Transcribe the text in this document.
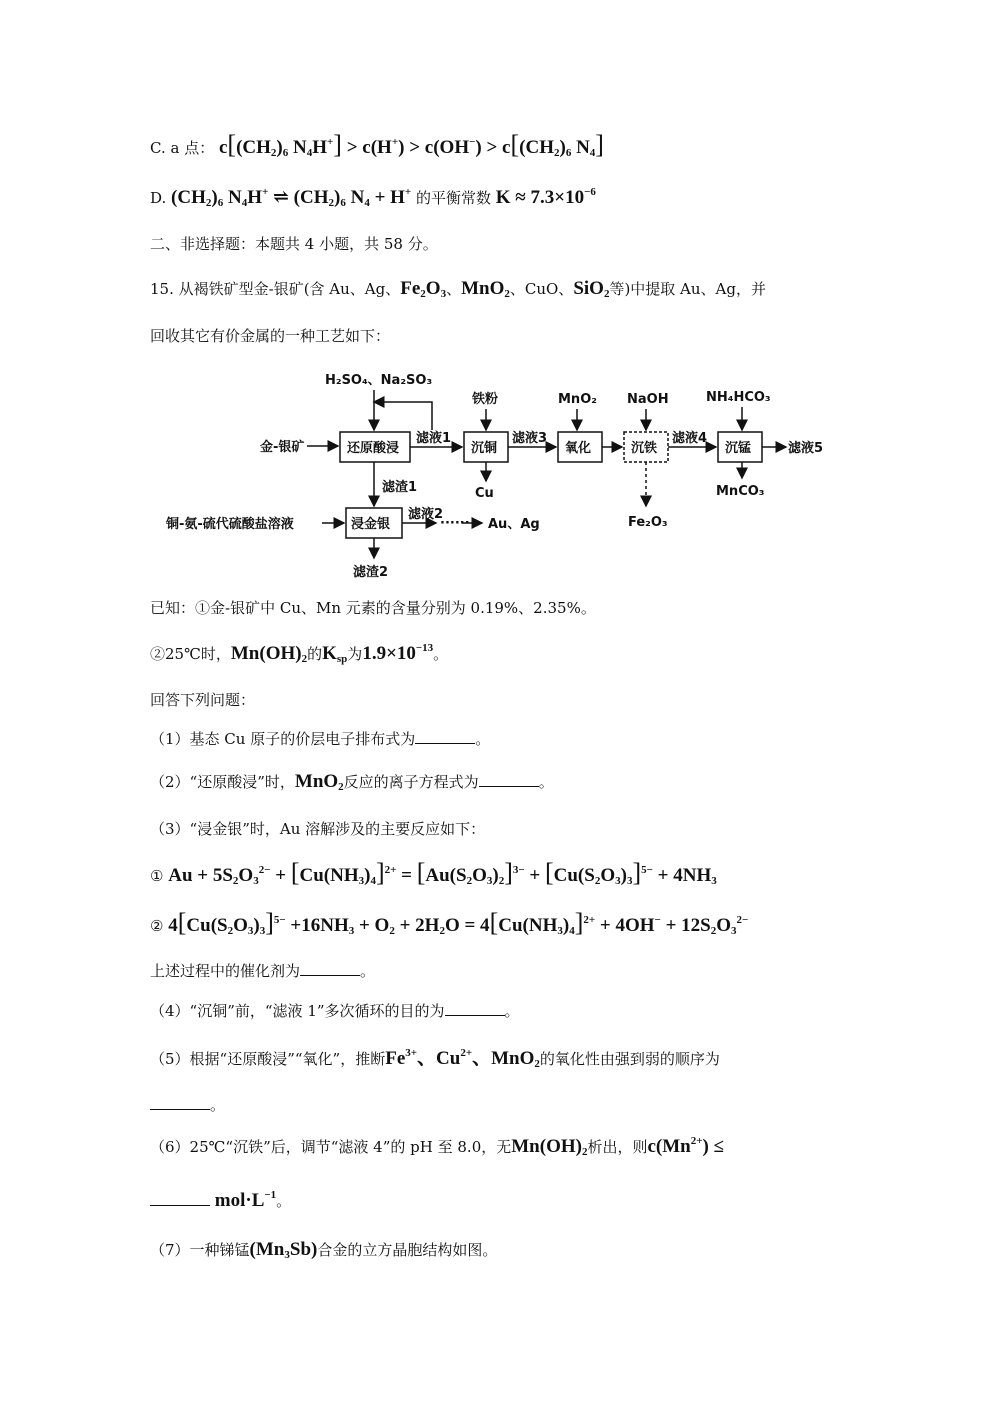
C. a 点： $c[(CH_2)_6$ $N_4H^+] > c(H^+) > c(OH^-) > c[(CH_2)_6$ $N_4$]
D. $(CH_2)_6$ $N_4H^+$ ⇌ $(CH_2)_6$ $N_4 + H^+$ 的平衡常数 $K \approx 7.3\times 10^{-6}$
二、非选择题：本题共 4 小题，共 58 分。
15. 从褐铁矿型金-银矿(含 Au、Ag、$Fe_2O_3$、MnO$_2$、CuO、SiO$_2$等)中提取 Au、Ag，并
回收其它有价金属的一种工艺如下：
H₂SO₄、Na₂SO₃
金-银矿	还原酸浸
滤液1
铁粉
沉铜
Cu
滤液3
MnO₂
氧化
NaOH
沉铁
Fe₂O₃
滤液4
NH₄HCO₃
沉锰
MnCO₃
滤液5
滤渣1
铜-氨-硫代硫酸盐溶液	浸金银
滤液2
······ Au、Ag
滤渣2
已知：①金-银矿中 Cu、Mn 元素的含量分别为 0.19%、2.35%。
②25℃时，$Mn(OH)_2$的$K_{sp}$为$1.9\times 10^{-13}$。
回答下列问题：
（1）基态 Cu 原子的价层电子排布式为	。
（2）“还原酸浸”时，MnO$_2$反应的离子方程式为	。
（3）“浸金银”时，Au 溶解涉及的主要反应如下：
① $Au + 5S_2O_3^{2-} + [Cu(NH_3)_4]^{2+} = [Au(S_2O_3)_2]^{3-} + [Cu(S_2O_3)_3]^{5-} + 4NH_3$
② $4[Cu(S_2O_3)_3]^{5-} +16NH_3 + O_2 + 2H_2O = 4[Cu(NH_3)_4]^{2+} + 4OH^- + 12S_2O_3^{2-}$
上述过程中的催化剂为	。
（4）“沉铜”前，“滤液 1”多次循环的目的为	。
（5）根据“还原酸浸”“氧化”，推断$Fe^{3+}$、$Cu^{2+}$、MnO$_2$的氧化性由强到弱的顺序为
。
（6）25℃“沉铁”后，调节“滤液 4”的 pH 至 8.0，无$Mn(OH)_2$析出，则$c(Mn^{2+})$ ≤
$mol\cdot L^{-1}$。
（7）一种锑锰$(Mn_3Sb)$合金的立方晶胞结构如图。
